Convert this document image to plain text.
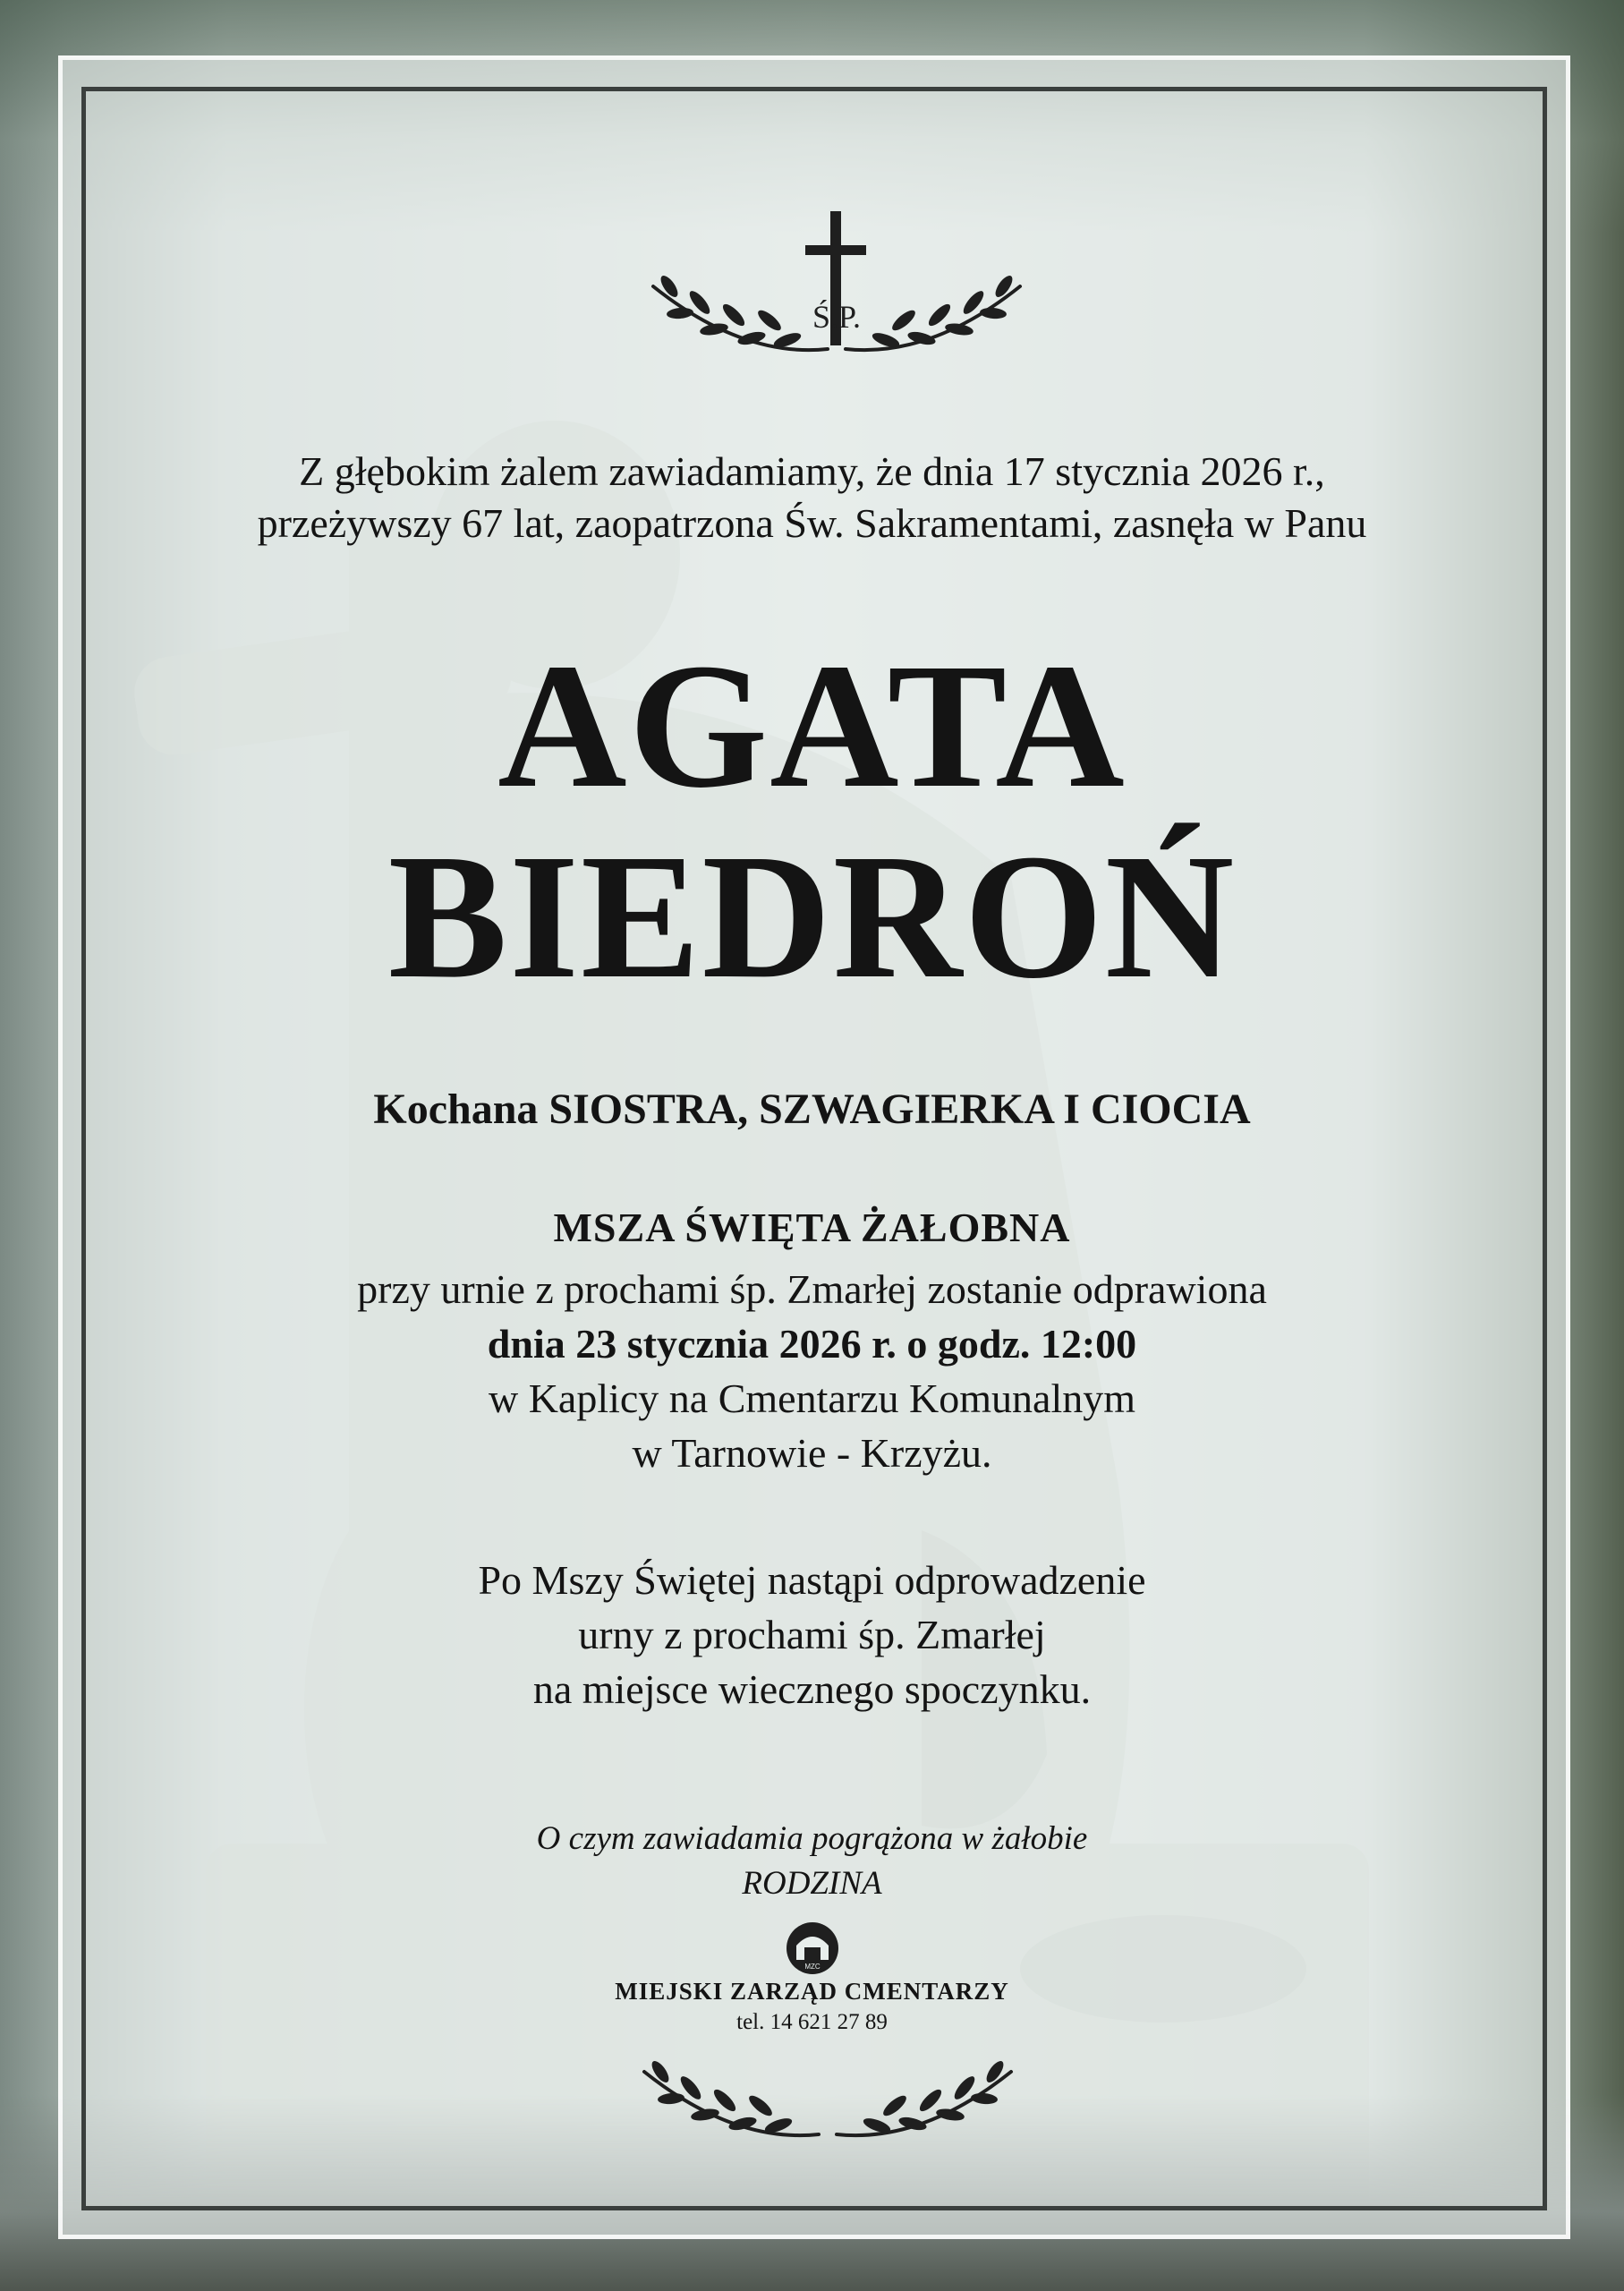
Ś.P.
Z głębokim żalem zawiadamiamy, że dnia 17 stycznia 2026 r.,
przeżywszy 67 lat, zaopatrzona Św. Sakramentami, zasnęła w Panu
AGATA
BIEDROŃ
Kochana SIOSTRA, SZWAGIERKA I CIOCIA
MSZA ŚWIĘTA ŻAŁOBNA
przy urnie z prochami śp. Zmarłej zostanie odprawiona
dnia 23 stycznia 2026 r. o godz. 12:00
w Kaplicy na Cmentarzu Komunalnym
w Tarnowie - Krzyżu.
Po Mszy Świętej nastąpi odprowadzenie
urny z prochami śp. Zmarłej
na miejsce wiecznego spoczynku.
O czym zawiadamia pogrążona w żałobie
RODZINA
MZC
MIEJSKI ZARZĄD CMENTARZY
tel. 14 621 27 89
